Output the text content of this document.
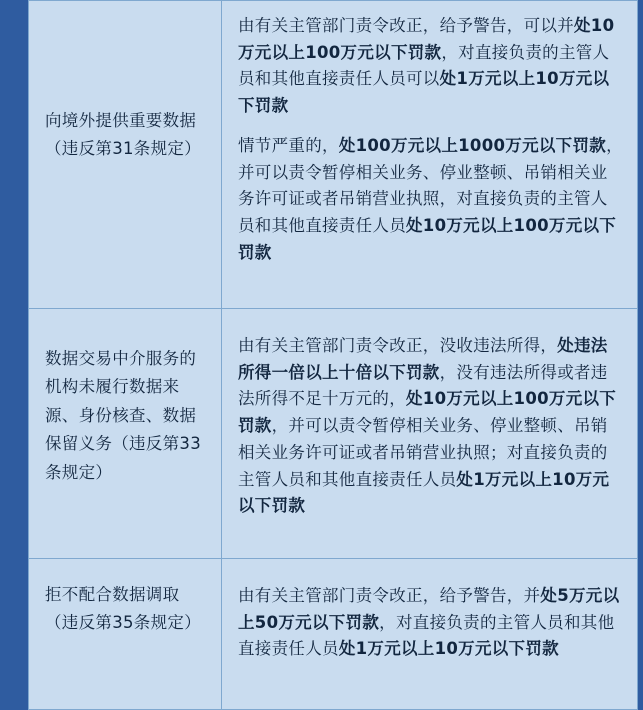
向境外提供重要数据（违反第31条规定）	由有关主管部门责令改正，给予警告，可以并处10万元以上100万元以下罚款，对直接负责的主管人员和其他直接责任人员可以处1万元以上10万元以下罚款
情节严重的，处100万元以上1000万元以下罚款，并可以责令暂停相关业务、停业整顿、吊销相关业务许可证或者吊销营业执照，对直接负责的主管人员和其他直接责任人员处10万元以上100万元以下罚款

数据交易中介服务的机构未履行数据来源、身份核查、数据保留义务（违反第33条规定）	由有关主管部门责令改正，没收违法所得，处违法所得一倍以上十倍以下罚款，没有违法所得或者违法所得不足十万元的，处10万元以上100万元以下罚款，并可以责令暂停相关业务、停业整顿、吊销相关业务许可证或者吊销营业执照；对直接负责的主管人员和其他直接责任人员处1万元以上10万元以下罚款

拒不配合数据调取（违反第35条规定）	由有关主管部门责令改正，给予警告，并处5万元以上50万元以下罚款，对直接负责的主管人员和其他直接责任人员处1万元以上10万元以下罚款
